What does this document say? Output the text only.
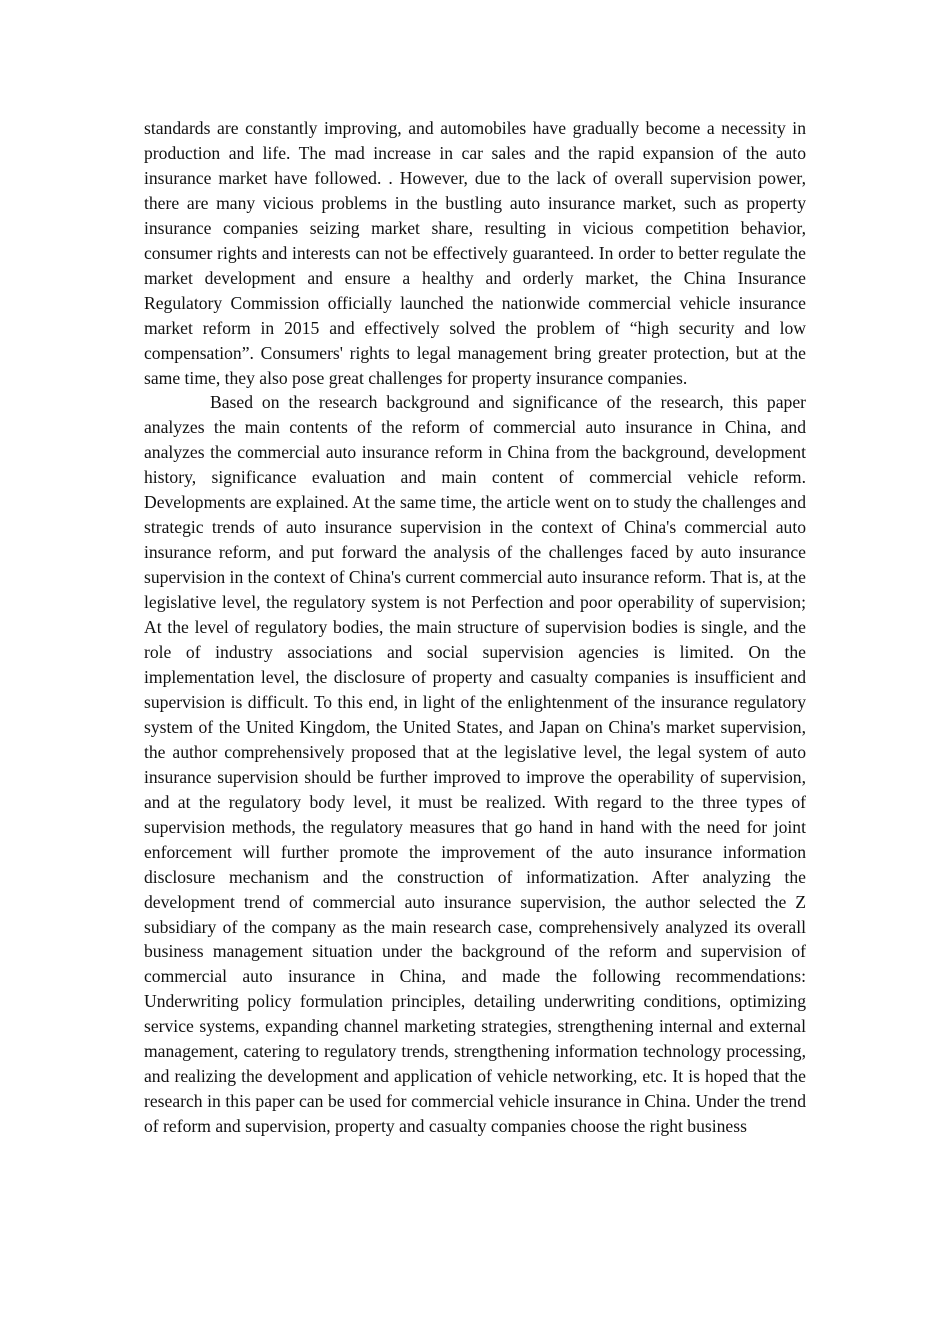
standards are constantly improving, and automobiles have gradually become a necessity in production and life. The mad increase in car sales and the rapid expansion of the auto insurance market have followed. . However, due to the lack of overall supervision power, there are many vicious problems in the bustling auto insurance market, such as property insurance companies seizing market share, resulting in vicious competition behavior, consumer rights and interests can not be effectively guaranteed. In order to better regulate the market development and ensure a healthy and orderly market, the China Insurance Regulatory Commission officially launched the nationwide commercial vehicle insurance market reform in 2015 and effectively solved the problem of “high security and low compensation”. Consumers' rights to legal management bring greater protection, but at the same time, they also pose great challenges for property insurance companies.

Based on the research background and significance of the research, this paper analyzes the main contents of the reform of commercial auto insurance in China, and analyzes the commercial auto insurance reform in China from the background, development history, significance evaluation and main content of commercial vehicle reform. Developments are explained. At the same time, the article went on to study the challenges and strategic trends of auto insurance supervision in the context of China's commercial auto insurance reform, and put forward the analysis of the challenges faced by auto insurance supervision in the context of China's current commercial auto insurance reform. That is, at the legislative level, the regulatory system is not Perfection and poor operability of supervision; At the level of regulatory bodies, the main structure of supervision bodies is single, and the role of industry associations and social supervision agencies is limited. On the implementation level, the disclosure of property and casualty companies is insufficient and supervision is difficult. To this end, in light of the enlightenment of the insurance regulatory system of the United Kingdom, the United States, and Japan on China's market supervision, the author comprehensively proposed that at the legislative level, the legal system of auto insurance supervision should be further improved to improve the operability of supervision, and at the regulatory body level, it must be realized. With regard to the three types of supervision methods, the regulatory measures that go hand in hand with the need for joint enforcement will further promote the improvement of the auto insurance information disclosure mechanism and the construction of informatization. After analyzing the development trend of commercial auto insurance supervision, the author selected the Z subsidiary of the company as the main research case, comprehensively analyzed its overall business management situation under the background of the reform and supervision of commercial auto insurance in China, and made the following recommendations: Underwriting policy formulation principles, detailing underwriting conditions, optimizing service systems, expanding channel marketing strategies, strengthening internal and external management, catering to regulatory trends, strengthening information technology processing, and realizing the development and application of vehicle networking, etc. It is hoped that the research in this paper can be used for commercial vehicle insurance in China. Under the trend of reform and supervision, property and casualty companies choose the right business
